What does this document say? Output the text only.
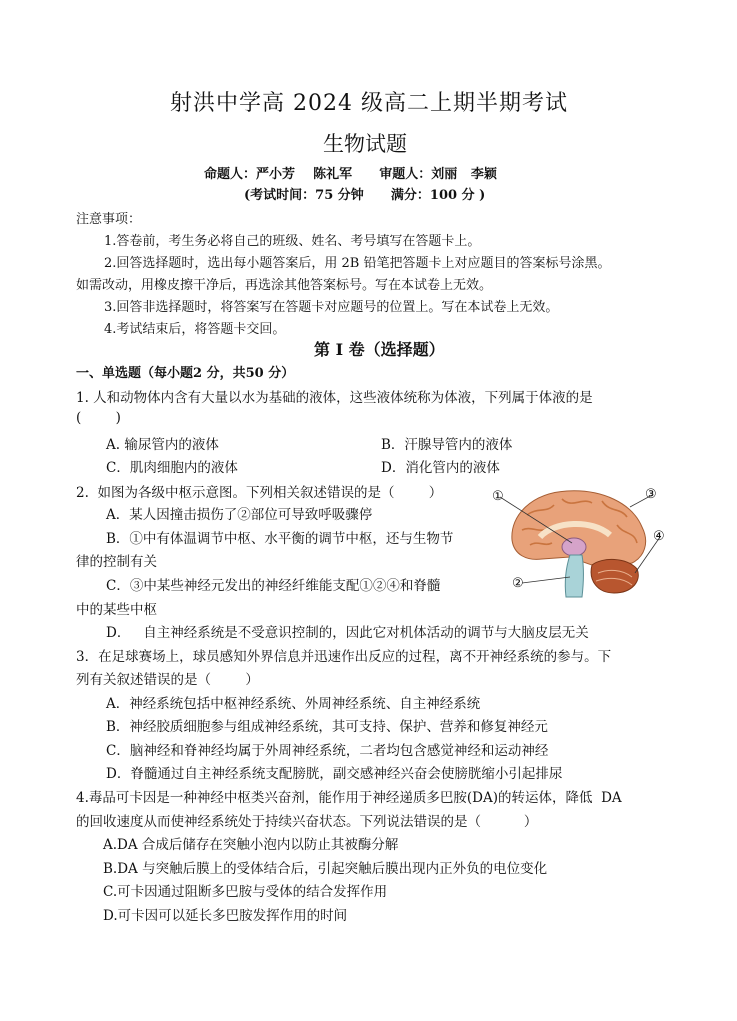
射洪中学高 2024 级高二上期半期考试
生物试题
命题人：严小芳    陈礼军      审题人：刘丽   李颖
(考试时间：75 分钟      满分：100 分 )
注意事项：
1.答卷前，考生务必将自己的班级、姓名、考号填写在答题卡上。
2.回答选择题时，选出每小题答案后，用 2B 铅笔把答题卡上对应题目的答案标号涂黑。
如需改动，用橡皮擦干净后，再选涂其他答案标号。写在本试卷上无效。
3.回答非选择题时，将答案写在答题卡对应题号的位置上。写在本试卷上无效。
4.考试结束后，将答题卡交回。
第 I 卷（选择题）
一、单选题（每小题2 分，共50 分）
1. 人和动物体内含有大量以水为基础的液体，这些液体统称为体液，下列属于体液的是
(        )
A. 输尿管内的液体	B．汗腺导管内的液体
C．肌肉细胞内的液体	D．消化管内的液体
2.  如图为各级中枢示意图。下列相关叙述错误的是（        ）
A．某人因撞击损伤了②部位可导致呼吸骤停
B．①中有体温调节中枢、水平衡的调节中枢，还与生物节
律的控制有关
C．③中某些神经元发出的神经纤维能支配①②④和脊髓
中的某些中枢
D．   自主神经系统是不受意识控制的，因此它对机体活动的调节与大脑皮层无关
①
②
③
④
3．在足球赛场上，球员感知外界信息并迅速作出反应的过程，离不开神经系统的参与。下
列有关叙述错误的是（        ）
A．神经系统包括中枢神经系统、外周神经系统、自主神经系统
B．神经胶质细胞参与组成神经系统，其可支持、保护、营养和修复神经元
C．脑神经和脊神经均属于外周神经系统，二者均包含感觉神经和运动神经
D．脊髓通过自主神经系统支配膀胱，副交感神经兴奋会使膀胱缩小引起排尿
4.毒品可卡因是一种神经中枢类兴奋剂，能作用于神经递质多巴胺(DA)的转运体，降低  DA
的回收速度从而使神经系统处于持续兴奋状态。下列说法错误的是（          ）
A.DA 合成后储存在突触小泡内以防止其被酶分解
B.DA 与突触后膜上的受体结合后，引起突触后膜出现内正外负的电位变化
C.可卡因通过阻断多巴胺与受体的结合发挥作用
D.可卡因可以延长多巴胺发挥作用的时间
